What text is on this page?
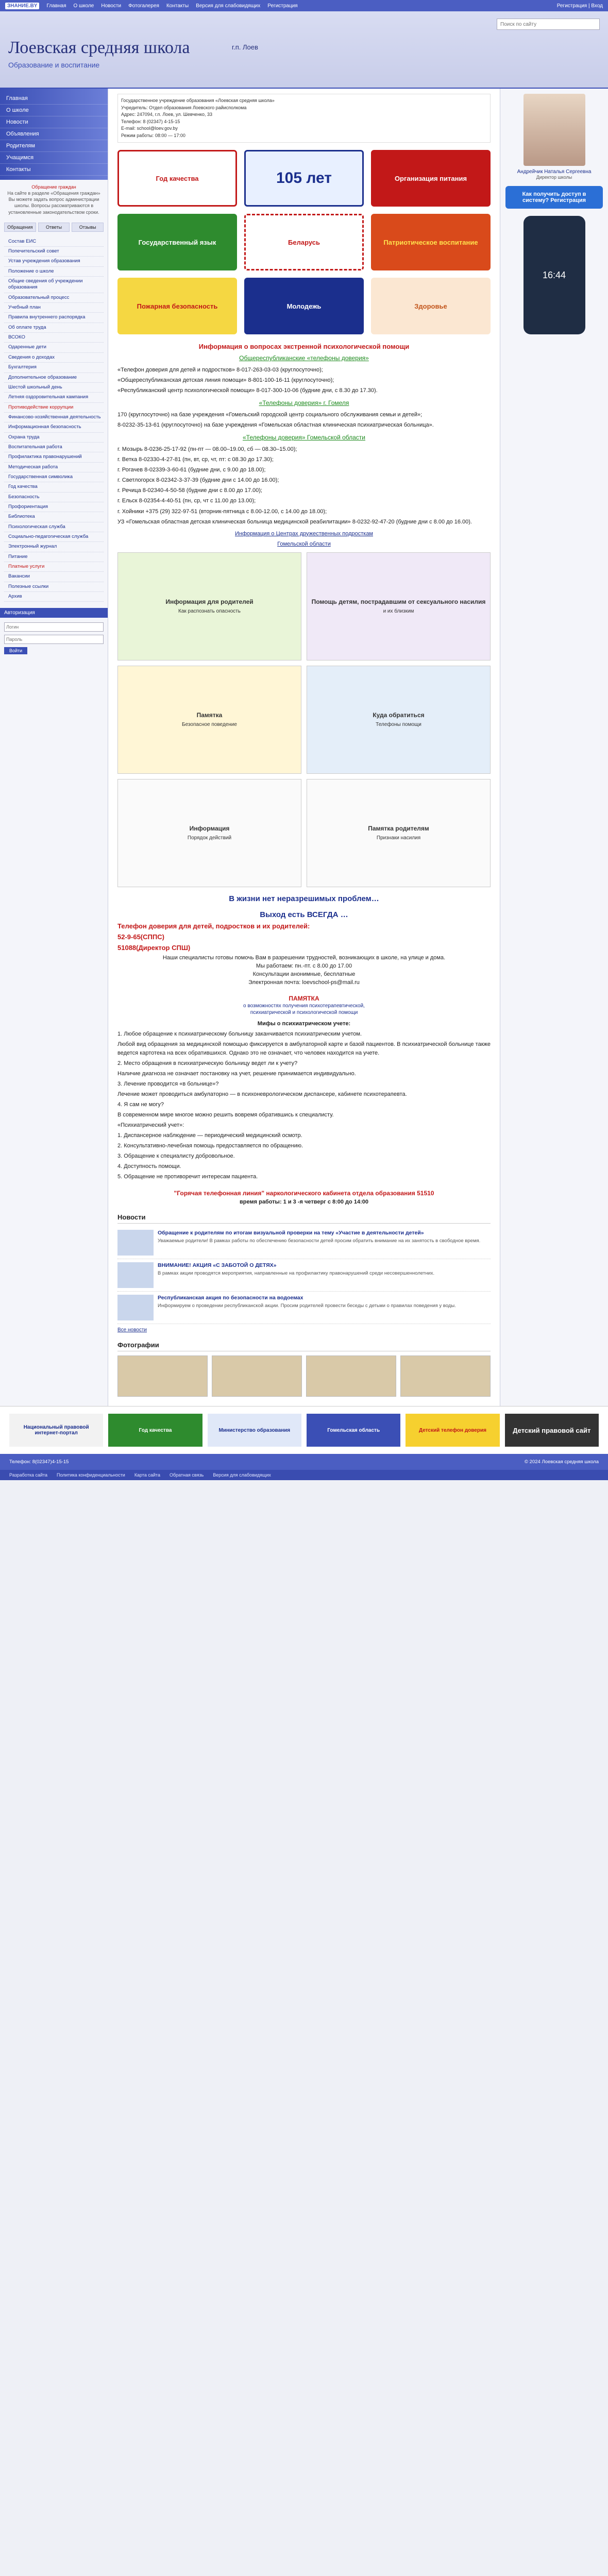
ЗНАНИЕ.BY	Главная О школе Новости Фотогалерея Контакты Версия для слабовидящих Регистрация	Регистрация | Вход
Лоевская средняя школа
Образование и воспитание
г.п. Лоев
Поиск по сайту
Главная
О школе
Новости
Объявления
Родителям
Учащимся
Контакты
Обращение граждан
На сайте в разделе «Обращения граждан» Вы можете задать вопрос администрации школы. Вопросы рассматриваются в установленные законодательством сроки.
Обращения	Ответы	Отзывы
Состав ЕИС
Попечительский совет
Устав учреждения образования
Положение о школе
Общие сведения об учреждении образования
Образовательный процесс
Учебный план
Правила внутреннего распорядка
Об оплате труда
ВСОКО
Одаренные дети
Сведения о доходах
Бухгалтерия
Дополнительное образование
Шестой школьный день
Летняя оздоровительная кампания
Противодействие коррупции
Финансово-хозяйственная деятельность
Информационная безопасность
Охрана труда
Воспитательная работа
Профилактика правонарушений
Методическая работа
Государственная символика
Год качества
Безопасность
Профориентация
Библиотека
Психологическая служба
Социально-педагогическая служба
Электронный журнал
Питание
Платные услуги
Вакансии
Полезные ссылки
Архив
Авторизация
Логин  Войти
Государственное учреждение образования «Лоевская средняя школа»
Учредитель: Отдел образования Лоевского райисполкома
Адрес: 247094, г.п. Лоев, ул. Шевченко, 33
Телефон: 8 (02347) 4-15-15
E-mail: school@loev.gov.by
Режим работы: 08:00 — 17:00
Год качества	105 лет	Организация питания
Государственный язык	Беларусь	Патриотическое воспитание
Пожарная безопасность	Молодежь	Здоровье
Информация о вопросах экстренной психологической помощи
Общереспубликанские «телефоны доверия»
«Телефон доверия для детей и подростков» 8-017-263-03-03 (круглосуточно);
«Общереспубликанская детская линия помощи» 8-801-100-16-11 (круглосуточно);
«Республиканский центр психологической помощи» 8-017-300-10-06 (будние дни, с 8.30 до 17.30).
«Телефоны доверия» г. Гомеля
170 (круглосуточно) на базе учреждения «Гомельский городской центр социального обслуживания семьи и детей»;
8-0232-35-13-61 (круглосуточно) на базе учреждения «Гомельская областная клиническая психиатрическая больница».
«Телефоны доверия» Гомельской области
г. Мозырь 8-0236-25-17-92 (пн-пт — 08.00–19.00, сб — 08.30–15.00);
г. Ветка 8-02330-4-27-81 (пн, вт, ср, чт, пт: с 08.30 до 17.30);
г. Рогачев 8-02339-3-60-61 (будние дни, с 9.00 до 18.00);
г. Светлогорск 8-02342-3-37-39 (будние дни с 14.00 до 16.00);
г. Речица 8-02340-4-50-58 (будние дни с 8.00 до 17.00);
г. Ельск 8-02354-4-40-51 (пн, ср, чт с 11.00 до 13.00);
г. Хойники +375 (29) 322-97-51 (вторник-пятница с 8.00-12.00, с 14.00 до 18.00);
УЗ «Гомельская областная детская клиническая больница медицинской реабилитации» 8-0232-92-47-20 (будние дни с 8.00 до 16.00).
Информация о Центрах дружественных подросткам
Гомельской области
Информация для родителей
Как распознать опасность
Помощь детям, пострадавшим от сексуального насилия
и их близким
Памятка
Безопасное поведение
Куда обратиться
Телефоны помощи
Информация
Порядок действий
Памятка родителям
Признаки насилия
В жизни нет неразрешимых проблем…
Выход есть ВСЕГДА …
Телефон доверия для детей, подростков и их родителей:
52-9-65(СППС)
51088(Директор СПШ)
Наши специалисты готовы помочь Вам в разрешении трудностей, возникающих в школе, на улице и дома.
Мы работаем: пн.-пт. с 8.00 до 17.00
Консультации анонимные, бесплатные
Электронная почта: loevschool-ps@mail.ru
ПАМЯТКА
о возможностях получения психотерапевтической,
психиатрической и психологической помощи
Мифы о психиатрическом учете:
1. Любое обращение к психиатрическому больницу заканчивается психиатрическим учетом.
Любой вид обращения за медицинской помощью фиксируется в амбулаторной карте и базой пациентов. В психиатрической больнице также ведется картотека на всех обратившихся. Однако это не означает, что человек находится на учете.
2. Место обращения в психиатрическую больницу ведет ли к учету?
Наличие диагноза не означает постановку на учет, решение принимается индивидуально.
3. Лечение проводится «в больнице»?
Лечение может проводиться амбулаторно — в психоневрологическом диспансере, кабинете психотерапевта.
4. Я сам не могу?
В современном мире многое можно решить вовремя обратившись к специалисту.
«Психиатрический учет»:
1. Диспансерное наблюдение — периодический медицинский осмотр.
2. Консультативно-лечебная помощь предоставляется по обращению.
3. Обращение к специалисту добровольное.
4. Доступность помощи.
5. Обращение не противоречит интересам пациента.
"Горячая телефонная линия" наркологического кабинета отдела образования 51510
время работы: 1 и 3 -я четверг с 8:00 до 14:00
Новости
Обращение к родителям по итогам визуальной проверки на тему «Участие в деятельности детей»
Уважаемые родители! В рамках работы по обеспечению безопасности детей просим обратить внимание на их занятость в свободное время.
ВНИМАНИЕ! АКЦИЯ «С ЗАБОТОЙ О ДЕТЯХ»
В рамках акции проводятся мероприятия, направленные на профилактику правонарушений среди несовершеннолетних.
Республиканская акция по безопасности на водоемах
Информируем о проведении республиканской акции. Просим родителей провести беседы с детьми о правилах поведения у воды.
Все новости
Фотографии
Андрейчик Наталья Сергеевна
Директор школы
Как получить доступ в систему? Регистрация
16:44
Национальный правовой интернет-портал	Год качества	Министерство образования	Гомельская область	Детский телефон доверия	Детский правовой сайт
Телефон: 8(02347)4-15-15	© 2024 Лоевская средняя школа
Разработка сайта Политика конфиденциальности Карта сайта Обратная связь Версия для слабовидящих
